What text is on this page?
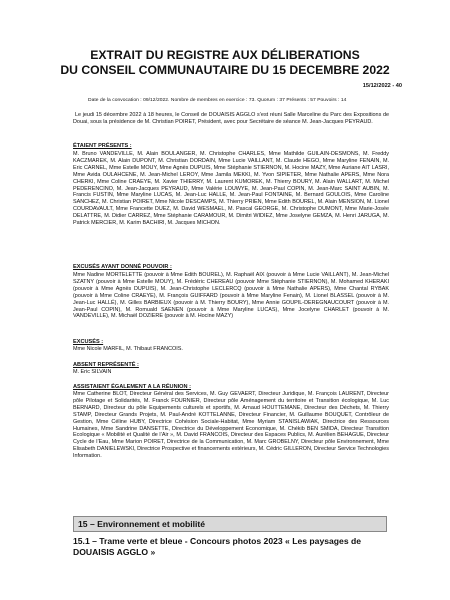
EXTRAIT DU REGISTRE AUX DÉLIBERATIONS
DU CONSEIL COMMUNAUTAIRE DU 15 DECEMBRE 2022
15/12/2022 - 40
Date de la convocation : 09/12/2022. Nombre de membres en exercice : 73. Quorum : 37 Présents : 57 Pouvoirs : 14

Le jeudi 15 décembre 2022 à 18 heures, le Conseil de DOUAISIS AGGLO s’est réuni Salle Marceline du Parc des Expositions de Douai, sous la présidence de M. Christian POIRET, Président, avec pour Secrétaire de séance M. Jean-Jacques PEYRAUD.

ÉTAIENT PRÉSENTS :

M. Bruno VANDEVILLE, M. Alain BOULANGER, M. Christophe CHARLES, Mme Mathilde GUILAIN-DESMONS, M. Freddy KACZMAREK, M. Alain DUPONT, M. Christian DORDAIN, Mme Lucie VAILLANT, M. Claude HEGO, Mme Maryline FENAIN, M. Eric CARNEL, Mme Estelle MOUY, Mme Agnès DUPUIS, Mme Stéphanie STIERNON, M. Hocine MAZY, Mme Auriane AIT LASRI, Mme Avida OULAHCENE, M. Jean-Michel LEROY, Mme Jamila MEKKI, M. Yvon SIPIETER, Mme Nathalie APERS, Mme Nora CHERKI, Mme Coline CRAEYE, M. Xavier THIERRY, M. Laurent KUMOREK, M. Thierry BOURY, M. Alain WALLART, M. Michel PEDERENCINO, M. Jean-Jacques PEYRAUD, Mme Valérie LOUWYE, M. Jean-Paul COPIN, M. Jean-Marc SAINT AUBIN, M. Francis FUSTIN, Mme Maryline LUCAS, M. Jean-Luc HALLE, M. Jean-Paul FONTAINE, M. Bernard GOULOIS, Mme Caroline SANCHEZ, M. Christian POIRET, Mme Nicole DESCAMPS, M. Thierry PRIEN, Mme Edith BOUREL, M. Alain MENSION, M. Lionel COURDAVAULT, Mme Francette DUEZ, M. David WESMAEL, M. Pascal GEORGE, M. Christophe DUMONT, Mme Marie-Josée DELATTRE, M. Didier CARREZ, Mme Stéphanie CARAMOUR, M. Dimitri WIDIEZ, Mme Joselyne GEMZA, M. Henri JARUGA, M. Patrick MERCIER, M. Karim BACHIRI, M. Jacques MICHON.

EXCUSÉS AYANT DONNÉ POUVOIR :

Mme Nadine MORTELETTE (pouvoir à Mme Edith BOUREL), M. Raphaël AIX (pouvoir à Mme Lucie VAILLANT), M. Jean-Michel SZATNY (pouvoir à Mme Estelle MOUY), M. Frédéric CHEREAU (pouvoir Mme Stéphanie STIERNON), M. Mohamed KHERAKI (pouvoir à Mme Agnès DUPUIS), M. Jean-Christophe LECLERCQ (pouvoir à Mme Nathalie APERS), Mme Chantal RYBAK (pouvoir à Mme Coline CRAEYE), M. François GUIFFARD (pouvoir à Mme Maryline Fenain), M. Lionel BLASSEL (pouvoir à M. Jean-Luc HALLÉ), M. Gilles BARBIEUX (pouvoir à M. Thierry BOURY), Mme Annie GOUPIL-DEREGNAUCOURT (pouvoir à M. Jean-Paul COPIN), M. Romuald SAENEN (pouvoir à Mme Maryline LUCAS), Mme Jocelyne CHARLET (pouvoir à M. VANDEVILLE), M. Michaël DOZIERE (pouvoir à M. Hocine MAZY)

EXCUSÉS :

Mme Nicole MARFIL, M. Thibaut FRANCOIS.

ABSENT REPRÉSENTÉ :

M. Eric SILVAIN

ASSISTAIENT ÉGALEMENT A LA RÉUNION :

Mme Catherine BLOT, Directeur Général des Services, M. Guy GEVAERT, Directeur Juridique, M. François LAURENT, Directeur pôle Pilotage et Solidarités, M. Franck FOURNIER, Directeur pôle Aménagement du territoire et Transition écologique, M. Luc BERNARD, Directeur du pôle Equipements culturels et sportifs, M. Arnaud HOUTTEMANE, Directeur des Déchets, M. Thierry STAMP, Directeur Grands Projets, M. Paul-André KOTTELANNE, Directeur Financier, M. Guillaume BOUQUET, Contrôleur de Gestion, Mme Céline HUBY, Directrice Cohésion Sociale-Habitat, Mme Myriam STANISLAWIAK, Directrice des Ressources Humaines, Mme Sandrine DANSETTE, Directrice du Développement Economique, M. Chékib BEN SMIDA, Directeur Transition Ecologique « Mobilité et Qualité de l’Air », M. David FRANCOIS, Directeur des Espaces Publics, M. Aurélien BEHAGUE, Directeur Cycle de l’Eau, Mme Marion POIRET, Directrice de la Communication, M. Marc GROBELNY, Directeur pôle Environnement, Mme Elisabeth DANIELEWSKI, Directrice Prospective et financements extérieurs, M. Cédric GILLERON, Directeur Service Technologies Information.

15 – Environnement et mobilité

15.1 – Trame verte et bleue - Concours photos 2023 « Les paysages de DOUAISIS AGGLO »
